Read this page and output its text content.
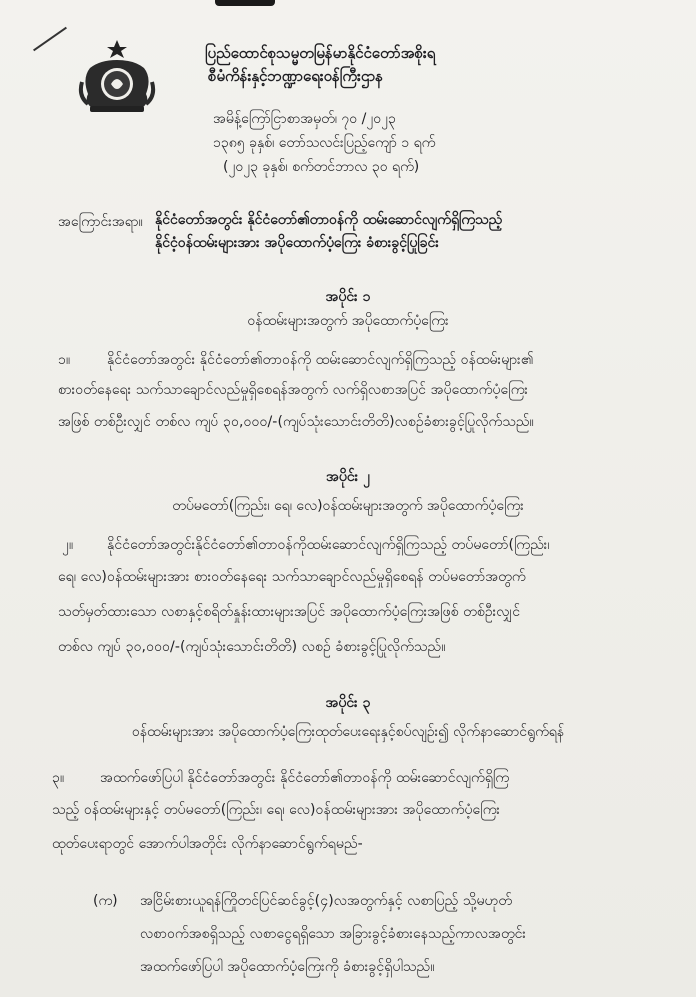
ပြည်ထောင်စုသမ္မတမြန်မာနိုင်ငံတော်အစိုးရ
စီမံကိန်းနှင့်ဘဏ္ဍာရေးဝန်ကြီးဌာန
အမိန့်ကြော်ငြာစာအမှတ်၊ ၇၀ /၂၀၂၃
၁၃၈၅ ခုနှစ်၊ တော်သလင်းပြည့်ကျော် ၁ ရက်
(၂၀၂၃ ခုနှစ်၊ စက်တင်ဘာလ ၃၀ ရက်)
အကြောင်းအရာ။ နိုင်ငံတော်အတွင်း နိုင်ငံတော်၏တာဝန်ကို ထမ်းဆောင်လျက်ရှိကြသည့်
နိုင်ငံ့ဝန်ထမ်းများအား အပိုထောက်ပံ့ကြေး ခံစားခွင့်ပြုခြင်း
အပိုင်း ၁
ဝန်ထမ်းများအတွက် အပိုထောက်ပံ့ကြေး
၁။	နိုင်ငံတော်အတွင်း နိုင်ငံတော်၏တာဝန်ကို ထမ်းဆောင်လျက်ရှိကြသည့် ဝန်ထမ်းများ၏
စားဝတ်နေရေး သက်သာချောင်လည်မှုရှိစေရန်အတွက် လက်ရှိလစာအပြင် အပိုထောက်ပံ့ကြေး
အဖြစ် တစ်ဦးလျှင် တစ်လ ကျပ် ၃၀,၀၀၀/-(ကျပ်သုံးသောင်းတိတိ)လစဉ်ခံစားခွင့်ပြုလိုက်သည်။
အပိုင်း ၂
တပ်မတော်(ကြည်း၊ ရေ၊ လေ)ဝန်ထမ်းများအတွက် အပိုထောက်ပံ့ကြေး
၂။ နိုင်ငံတော်အတွင်းနိုင်ငံတော်၏တာဝန်ကိုထမ်းဆောင်လျက်ရှိကြသည့် တပ်မတော်(ကြည်း၊
ရေ၊ လေ)ဝန်ထမ်းများအား စားဝတ်နေရေး သက်သာချောင်လည်မှုရှိစေရန် တပ်မတော်အတွက်
သတ်မှတ်ထားသော လစာနှင့်စရိတ်နှုန်းထားများအပြင် အပိုထောက်ပံ့ကြေးအဖြစ် တစ်ဦးလျှင်
တစ်လ ကျပ် ၃၀,၀၀၀/-(ကျပ်သုံးသောင်းတိတိ) လစဉ် ခံစားခွင့်ပြုလိုက်သည်။
အပိုင်း ၃
ဝန်ထမ်းများအား အပိုထောက်ပံ့ကြေးထုတ်ပေးရေးနှင့်စပ်လျဉ်း၍ လိုက်နာဆောင်ရွက်ရန်
၃။	အထက်ဖော်ပြပါ နိုင်ငံတော်အတွင်း နိုင်ငံတော်၏တာဝန်ကို ထမ်းဆောင်လျက်ရှိကြ
သည့် ဝန်ထမ်းများနှင့် တပ်မတော်(ကြည်း၊ ရေ၊ လေ)ဝန်ထမ်းများအား အပိုထောက်ပံ့ကြေး
ထုတ်ပေးရာတွင် အောက်ပါအတိုင်း လိုက်နာဆောင်ရွက်ရမည်-
(က) အငြိမ်းစားယူရန်ကြိုတင်ပြင်ဆင်ခွင့်(၄)လအတွက်နှင့် လစာပြည့် သို့မဟုတ်
လစာဝက်အစရှိသည့် လစာငွေရရှိသော အခြားခွင့်ခံစားနေသည့်ကာလအတွင်း
အထက်ဖော်ပြပါ အပိုထောက်ပံ့ကြေးကို ခံစားခွင့်ရှိပါသည်။
